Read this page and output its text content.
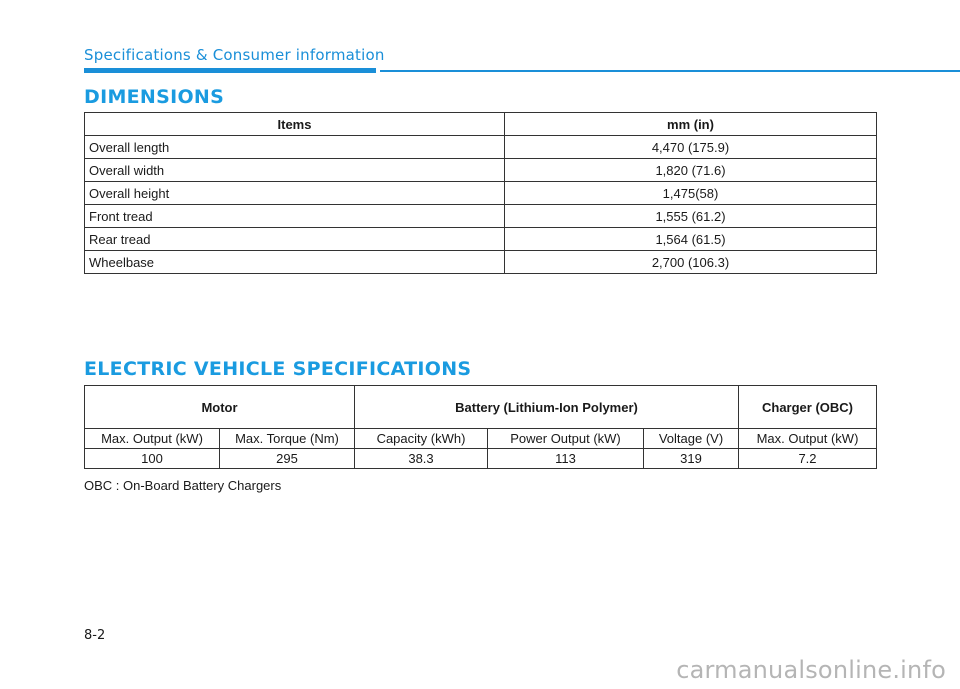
Specifications & Consumer information
DIMENSIONS
Items	mm (in)
Overall length	4,470 (175.9)
Overall width	1,820 (71.6)
Overall height	1,475(58)
Front tread	1,555 (61.2)
Rear tread	1,564 (61.5)
Wheelbase	2,700 (106.3)
ELECTRIC VEHICLE SPECIFICATIONS
Motor		Battery (Lithium-Ion Polymer)			Charger (OBC)
Max. Output (kW)	Max. Torque (Nm)	Capacity (kWh)	Power Output (kW)	Voltage (V)	Max. Output (kW)
100	295	38.3	113	319	7.2
OBC : On-Board Battery Chargers
8-2
carmanualsonline.info
